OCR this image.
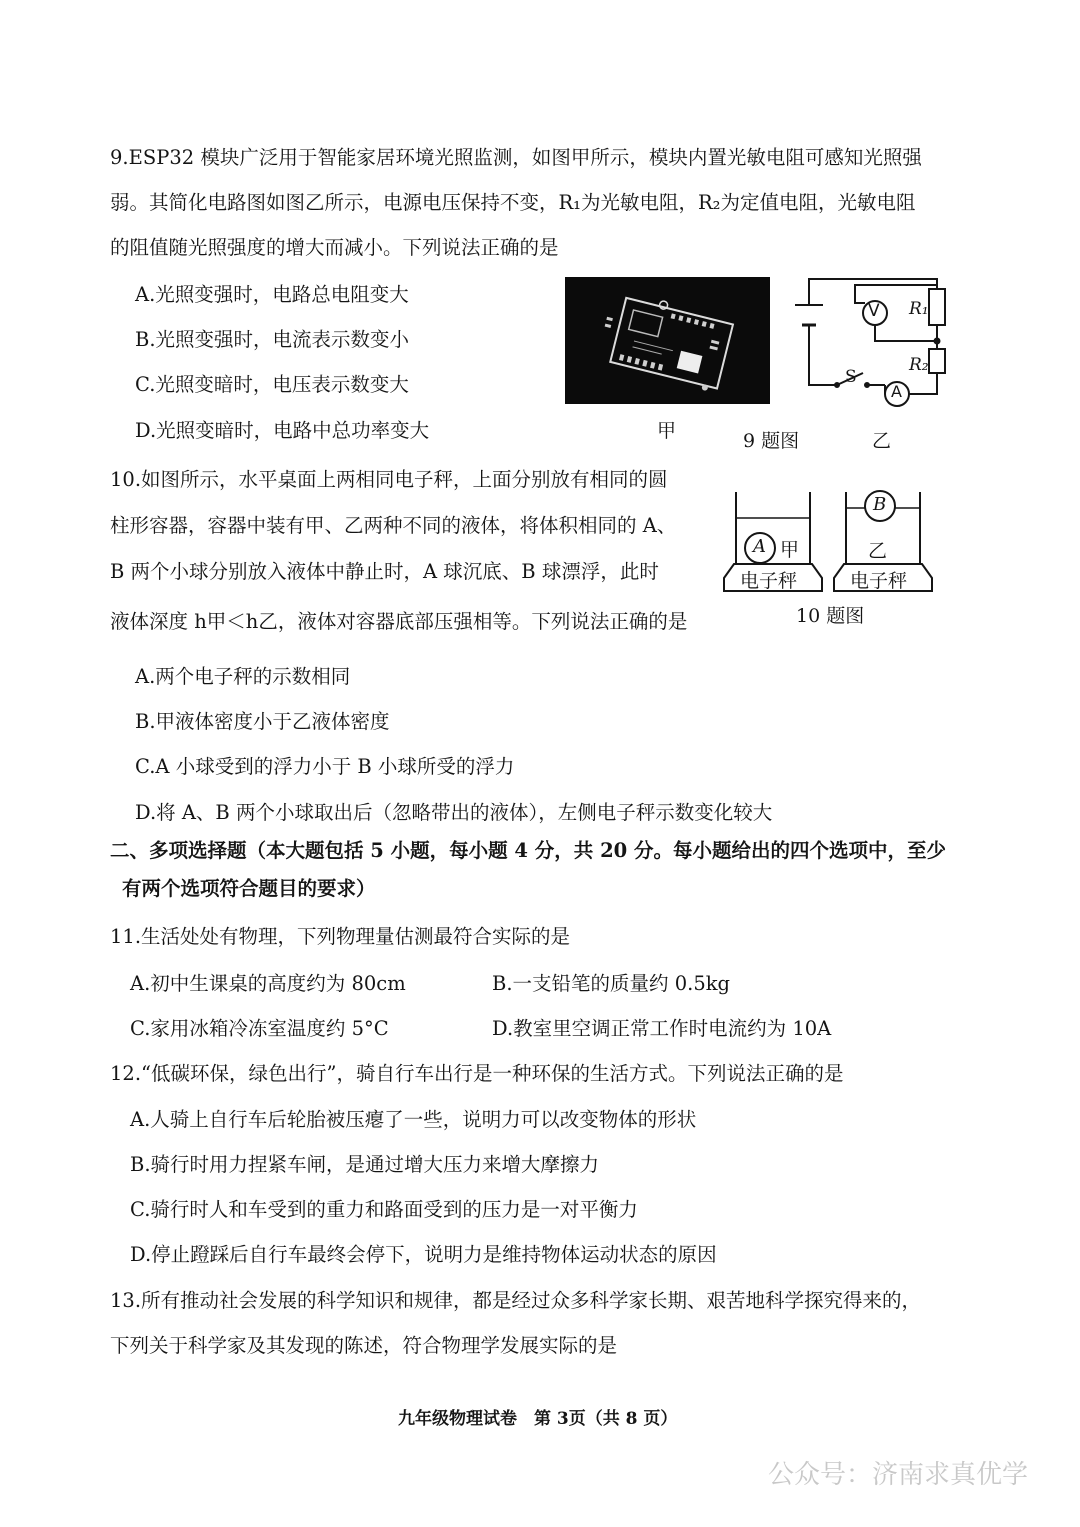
9.ESP32 模块广泛用于智能家居环境光照监测，如图甲所示，模块内置光敏电阻可感知光照强
弱。其简化电路图如图乙所示，电源电压保持不变，R₁为光敏电阻，R₂为定值电阻，光敏电阻
的阻值随光照强度的增大而减小。下列说法正确的是
A.光照变强时，电路总电阻变大
B.光照变强时，电流表示数变小
C.光照变暗时，电压表示数变大
D.光照变暗时，电路中总功率变大	甲	9 题图	乙
V
A
S
R₁
R₂
10.如图所示，水平桌面上两相同电子秤，上面分别放有相同的圆
柱形容器，容器中装有甲、乙两种不同的液体，将体积相同的 A、
B 两个小球分别放入液体中静止时，A 球沉底、B 球漂浮，此时
液体深度 h甲＜h乙，液体对容器底部压强相等。下列说法正确的是
A 甲
B
乙
电子秤	电子秤
10 题图
A.两个电子秤的示数相同
B.甲液体密度小于乙液体密度
C.A 小球受到的浮力小于 B 小球所受的浮力
D.将 A、B 两个小球取出后（忽略带出的液体），左侧电子秤示数变化较大
二、多项选择题（本大题包括 5 小题，每小题 4 分，共 20 分。每小题给出的四个选项中，至少
有两个选项符合题目的要求）
11.生活处处有物理，下列物理量估测最符合实际的是
A.初中生课桌的高度约为 80cm	B.一支铅笔的质量约 0.5kg
C.家用冰箱冷冻室温度约 5°C	D.教室里空调正常工作时电流约为 10A
12.“低碳环保，绿色出行”，骑自行车出行是一种环保的生活方式。下列说法正确的是
A.人骑上自行车后轮胎被压瘪了一些，说明力可以改变物体的形状
B.骑行时用力捏紧车闸，是通过增大压力来增大摩擦力
C.骑行时人和车受到的重力和路面受到的压力是一对平衡力
D.停止蹬踩后自行车最终会停下，说明力是维持物体运动状态的原因
13.所有推动社会发展的科学知识和规律，都是经过众多科学家长期、艰苦地科学探究得来的，
下列关于科学家及其发现的陈述，符合物理学发展实际的是
九年级物理试卷　第 3页（共 8 页）
公众号：济南求真优学
